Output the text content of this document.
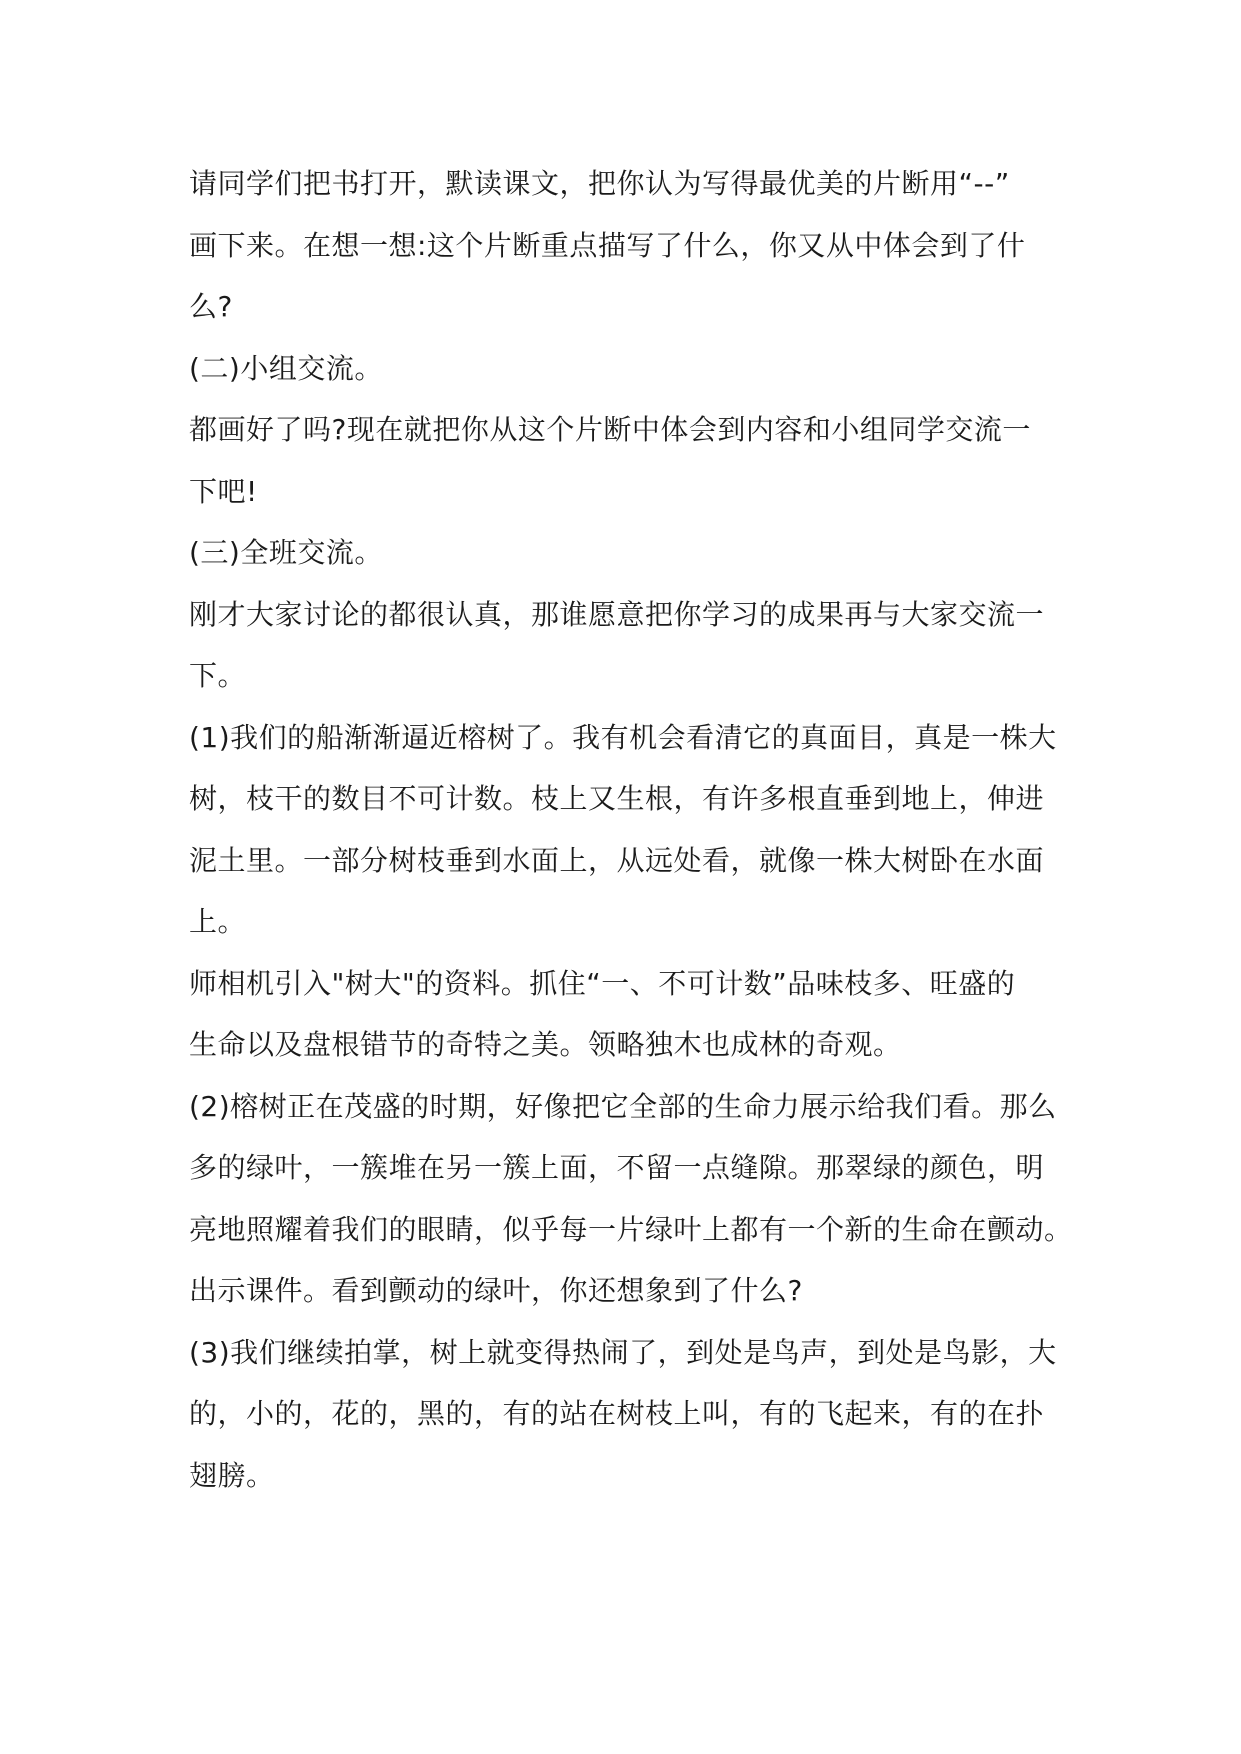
请同学们把书打开，默读课文，把你认为写得最优美的片断用“--”
画下来。在想一想:这个片断重点描写了什么，你又从中体会到了什
么?
(二)小组交流。
都画好了吗?现在就把你从这个片断中体会到内容和小组同学交流一
下吧!
(三)全班交流。
刚才大家讨论的都很认真，那谁愿意把你学习的成果再与大家交流一
下。
(1)我们的船渐渐逼近榕树了。我有机会看清它的真面目，真是一株大
树，枝干的数目不可计数。枝上又生根，有许多根直垂到地上，伸进
泥土里。一部分树枝垂到水面上，从远处看，就像一株大树卧在水面
上。
师相机引入"树大"的资料。抓住“一、不可计数”品味枝多、旺盛的
生命以及盘根错节的奇特之美。领略独木也成林的奇观。
(2)榕树正在茂盛的时期，好像把它全部的生命力展示给我们看。那么
多的绿叶，一簇堆在另一簇上面，不留一点缝隙。那翠绿的颜色，明
亮地照耀着我们的眼睛，似乎每一片绿叶上都有一个新的生命在颤动。
出示课件。看到颤动的绿叶，你还想象到了什么?
(3)我们继续拍掌，树上就变得热闹了，到处是鸟声，到处是鸟影，大
的，小的，花的，黑的，有的站在树枝上叫，有的飞起来，有的在扑
翅膀。
